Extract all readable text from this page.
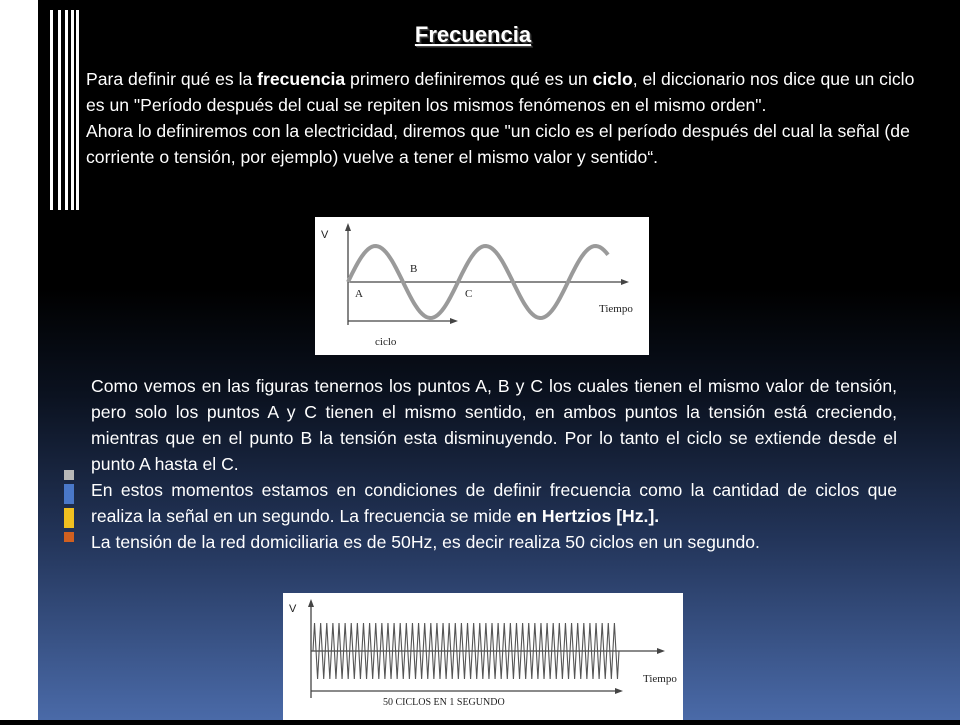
Frecuencia
Para definir qué es la frecuencia primero definiremos qué es un ciclo, el diccionario nos dice que un ciclo es un "Período después del cual se repiten los mismos fenómenos en el mismo orden".
Ahora lo definiremos con la electricidad, diremos que "un ciclo es el período después del cual la señal (de corriente o tensión, por ejemplo) vuelve a tener el mismo valor y sentido“.
V
A
B
C
Tiempo
ciclo
Como vemos en las figuras tenernos los puntos A, B y C los cuales tienen el mismo valor de tensión, pero solo los puntos A y C tienen el mismo sentido, en ambos puntos la tensión está creciendo, mientras que en el punto B la tensión esta disminuyendo. Por lo tanto el ciclo se extiende desde el punto A hasta el C.
En estos momentos estamos en condiciones de definir frecuencia como la cantidad de ciclos que realiza la señal en un segundo. La frecuencia se mide en Hertzios [Hz.].
La tensión de la red domiciliaria es de 50Hz, es decir realiza 50 ciclos en un segundo.
V
Tiempo
50 CICLOS EN 1 SEGUNDO
